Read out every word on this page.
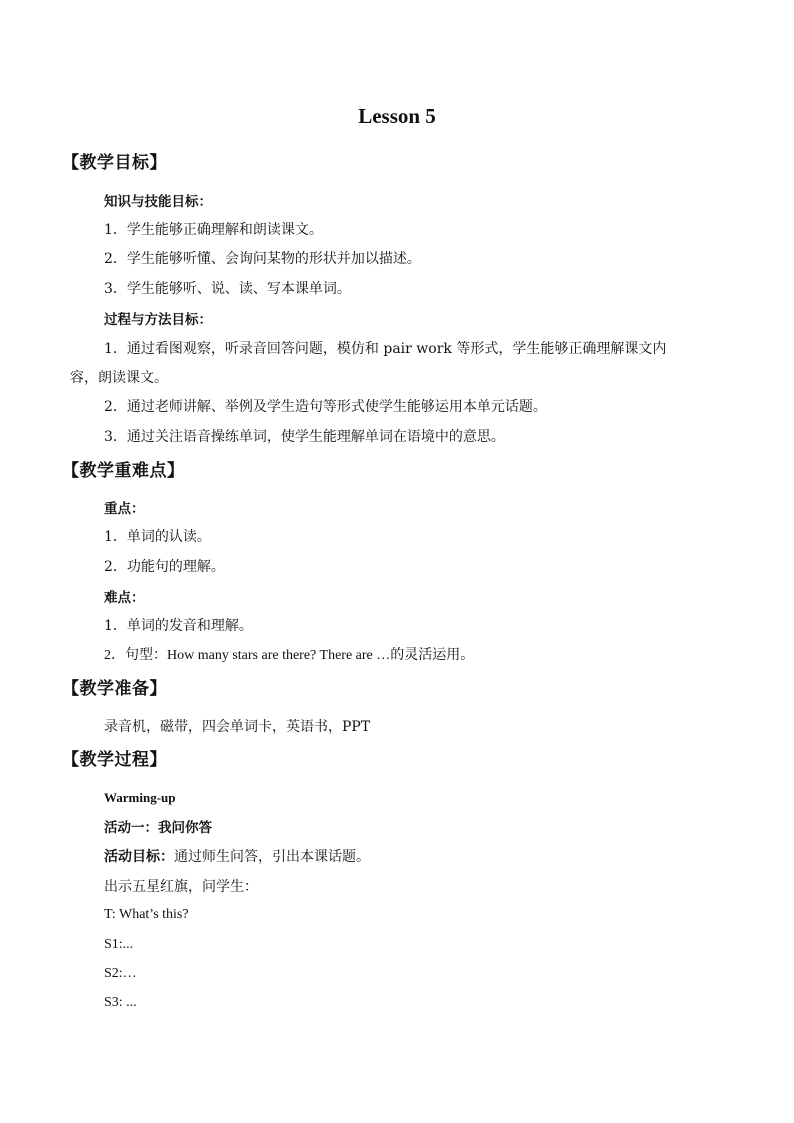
Lesson 5
【教学目标】
知识与技能目标：
1．学生能够正确理解和朗读课文。
2．学生能够听懂、会询问某物的形状并加以描述。
3．学生能够听、说、读、写本课单词。
过程与方法目标：
1．通过看图观察，听录音回答问题，模仿和 pair work 等形式，学生能够正确理解课文内
容，朗读课文。
2．通过老师讲解、举例及学生造句等形式使学生能够运用本单元话题。
3．通过关注语音操练单词，使学生能理解单词在语境中的意思。
【教学重难点】
重点：
1．单词的认读。
2．功能句的理解。
难点：
1．单词的发音和理解。
2．句型：How many stars are there? There are …的灵活运用。
【教学准备】
录音机，磁带，四会单词卡，英语书，PPT
【教学过程】
Warming-up
活动一：我问你答
活动目标：通过师生问答，引出本课话题。
出示五星红旗，问学生：
T: What’s this?
S1:...
S2:…
S3: ...
